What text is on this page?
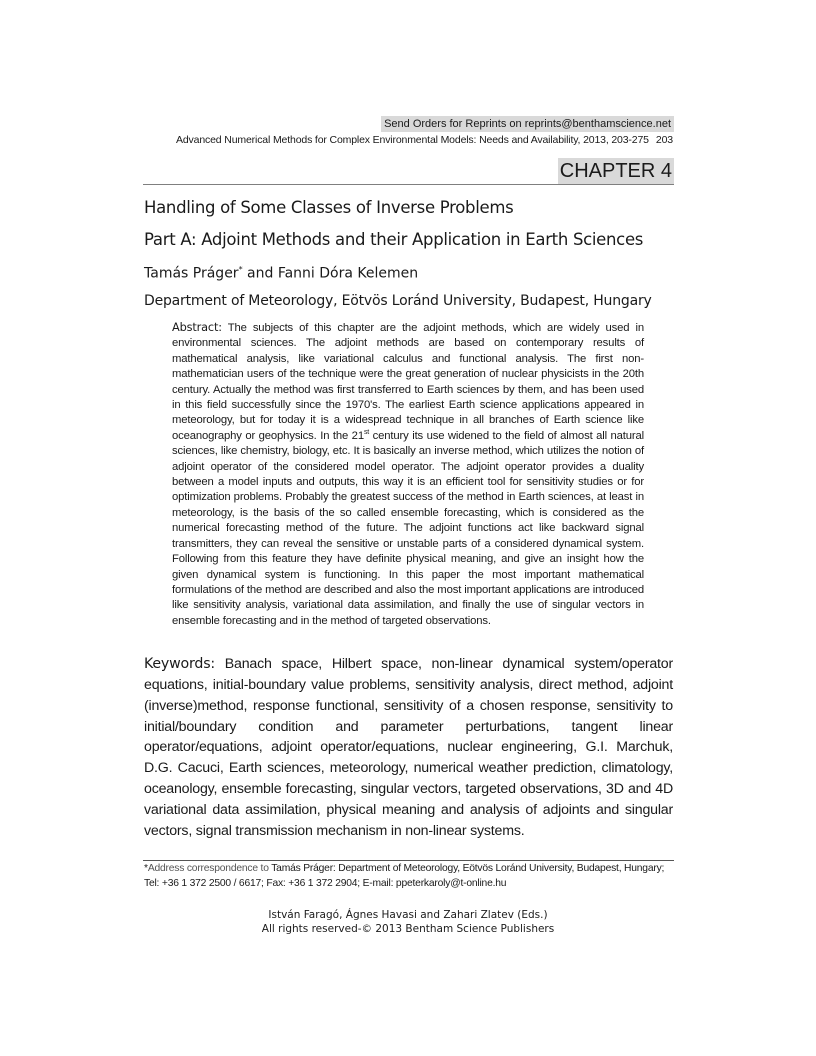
Send Orders for Reprints on reprints@benthamscience.net
Advanced Numerical Methods for Complex Environmental Models: Needs and Availability, 2013, 203-275 203
CHAPTER 4
Handling of Some Classes of Inverse Problems
Part A: Adjoint Methods and their Application in Earth Sciences
Tamás Práger* and Fanni Dóra Kelemen
Department of Meteorology, Eötvös Loránd University, Budapest, Hungary
Abstract: The subjects of this chapter are the adjoint methods, which are widely used in environmental sciences. The adjoint methods are based on contemporary results of mathematical analysis, like variational calculus and functional analysis. The first non-mathematician users of the technique were the great generation of nuclear physicists in the 20th century. Actually the method was first transferred to Earth sciences by them, and has been used in this field successfully since the 1970's. The earliest Earth science applications appeared in meteorology, but for today it is a widespread technique in all branches of Earth science like oceanography or geophysics. In the 21st century its use widened to the field of almost all natural sciences, like chemistry, biology, etc. It is basically an inverse method, which utilizes the notion of adjoint operator of the considered model operator. The adjoint operator provides a duality between a model inputs and outputs, this way it is an efficient tool for sensitivity studies or for optimization problems. Probably the greatest success of the method in Earth sciences, at least in meteorology, is the basis of the so called ensemble forecasting, which is considered as the numerical forecasting method of the future. The adjoint functions act like backward signal transmitters, they can reveal the sensitive or unstable parts of a considered dynamical system. Following from this feature they have definite physical meaning, and give an insight how the given dynamical system is functioning. In this paper the most important mathematical formulations of the method are described and also the most important applications are introduced like sensitivity analysis, variational data assimilation, and finally the use of singular vectors in ensemble forecasting and in the method of targeted observations.
Keywords: Banach space, Hilbert space, non-linear dynamical system/operator equations, initial-boundary value problems, sensitivity analysis, direct method, adjoint (inverse)method, response functional, sensitivity of a chosen response, sensitivity to initial/boundary condition and parameter perturbations, tangent linear operator/equations, adjoint operator/equations, nuclear engineering, G.I. Marchuk, D.G. Cacuci, Earth sciences, meteorology, numerical weather prediction, climatology, oceanology, ensemble forecasting, singular vectors, targeted observations, 3D and 4D variational data assimilation, physical meaning and analysis of adjoints and singular vectors, signal transmission mechanism in non-linear systems.
*Address correspondence to Tamás Práger: Department of Meteorology, Eötvös Loránd University, Budapest, Hungary; Tel: +36 1 372 2500 / 6617; Fax: +36 1 372 2904; E-mail: ppeterkaroly@t-online.hu
István Faragó, Ágnes Havasi and Zahari Zlatev (Eds.)
All rights reserved-© 2013 Bentham Science Publishers
